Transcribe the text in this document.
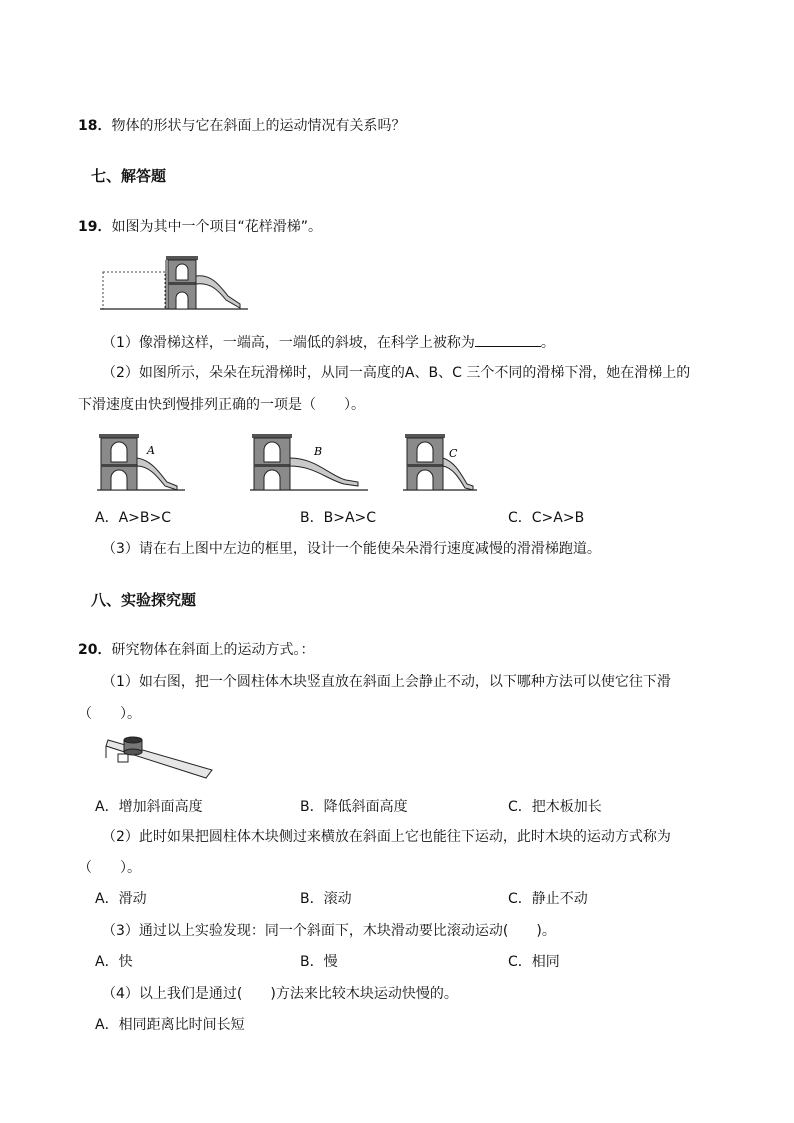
18．物体的形状与它在斜面上的运动情况有关系吗？
七、解答题
19．如图为其中一个项目“花样滑梯”。
（1）像滑梯这样，一端高，一端低的斜坡，在科学上被称为	。
（2）如图所示，朵朵在玩滑梯时，从同一高度的A、B、C 三个不同的滑梯下滑，她在滑梯上的
下滑速度由快到慢排列正确的一项是（　　）。
A	B	C
A．A>B>C	B．B>A>C	C．C>A>B
（3）请在右上图中左边的框里，设计一个能使朵朵滑行速度减慢的滑滑梯跑道。
八、实验探究题
20．研究物体在斜面上的运动方式。：
（1）如右图，把一个圆柱体木块竖直放在斜面上会静止不动，以下哪种方法可以使它往下滑
（　　）。
A．增加斜面高度	B．降低斜面高度	C．把木板加长
（2）此时如果把圆柱体木块侧过来横放在斜面上它也能往下运动，此时木块的运动方式称为
（　　）。
A．滑动	B．滚动	C．静止不动
（3）通过以上实验发现：同一个斜面下，木块滑动要比滚动运动(　　)。
A．快	B．慢	C．相同
（4）以上我们是通过(　　)方法来比较木块运动快慢的。
A．相同距离比时间长短
